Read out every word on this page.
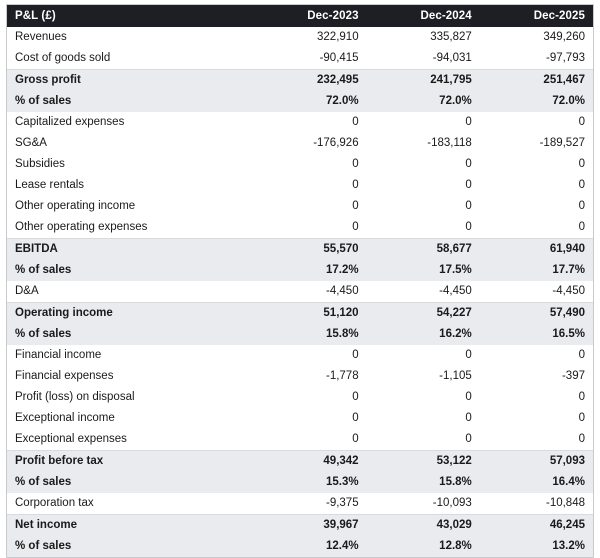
P&L (£)	Dec-2023	Dec-2024	Dec-2025
Revenues	322,910	335,827	349,260
Cost of goods sold	-90,415	-94,031	-97,793
Gross profit	232,495	241,795	251,467
% of sales	72.0%	72.0%	72.0%
Capitalized expenses	0	0	0
SG&A	-176,926	-183,118	-189,527
Subsidies	0	0	0
Lease rentals	0	0	0
Other operating income	0	0	0
Other operating expenses	0	0	0
EBITDA	55,570	58,677	61,940
% of sales	17.2%	17.5%	17.7%
D&A	-4,450	-4,450	-4,450
Operating income	51,120	54,227	57,490
% of sales	15.8%	16.2%	16.5%
Financial income	0	0	0
Financial expenses	-1,778	-1,105	-397
Profit (loss) on disposal	0	0	0
Exceptional income	0	0	0
Exceptional expenses	0	0	0
Profit before tax	49,342	53,122	57,093
% of sales	15.3%	15.8%	16.4%
Corporation tax	-9,375	-10,093	-10,848
Net income	39,967	43,029	46,245
% of sales	12.4%	12.8%	13.2%
